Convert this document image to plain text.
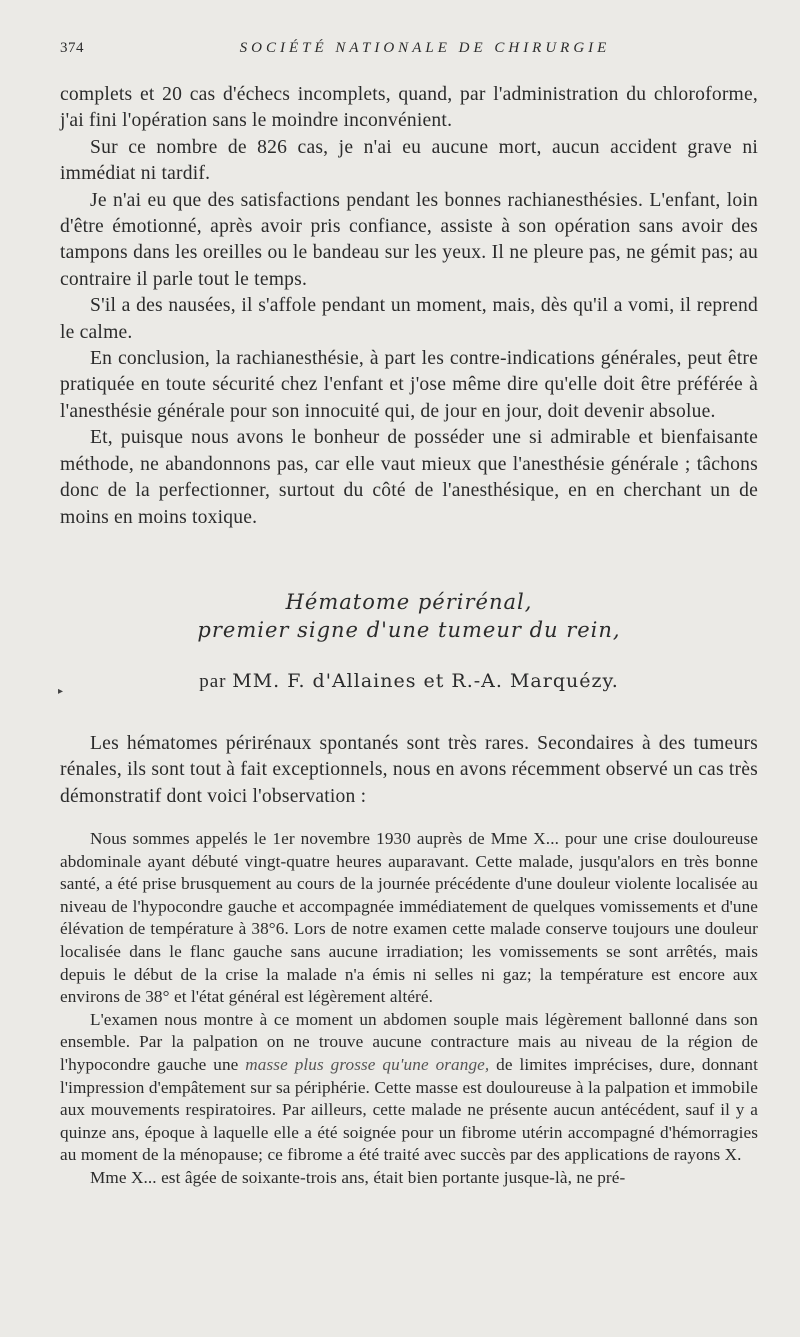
374	SOCIÉTÉ NATIONALE DE CHIRURGIE

complets et 20 cas d'échecs incomplets, quand, par l'administration du chloroforme, j'ai fini l'opération sans le moindre inconvénient.

Sur ce nombre de 826 cas, je n'ai eu aucune mort, aucun accident grave ni immédiat ni tardif.

Je n'ai eu que des satisfactions pendant les bonnes rachianesthésies. L'enfant, loin d'être émotionné, après avoir pris confiance, assiste à son opération sans avoir des tampons dans les oreilles ou le bandeau sur les yeux. Il ne pleure pas, ne gémit pas; au contraire il parle tout le temps.

S'il a des nausées, il s'affole pendant un moment, mais, dès qu'il a vomi, il reprend le calme.

En conclusion, la rachianesthésie, à part les contre-indications générales, peut être pratiquée en toute sécurité chez l'enfant et j'ose même dire qu'elle doit être préférée à l'anesthésie générale pour son innocuité qui, de jour en jour, doit devenir absolue.

Et, puisque nous avons le bonheur de posséder une si admirable et bienfaisante méthode, ne abandonnons pas, car elle vaut mieux que l'anesthésie générale ; tâchons donc de la perfectionner, surtout du côté de l'anesthésique, en en cherchant un de moins en moins toxique.

Hématome périrénal,
premier signe d'une tumeur du rein,
par MM. F. d'Allaines et R.-A. Marquézy.
▸

Les hématomes périrénaux spontanés sont très rares. Secondaires à des tumeurs rénales, ils sont tout à fait exceptionnels, nous en avons récemment observé un cas très démonstratif dont voici l'observation :

Nous sommes appelés le 1er novembre 1930 auprès de Mme X... pour une crise douloureuse abdominale ayant débuté vingt-quatre heures auparavant. Cette malade, jusqu'alors en très bonne santé, a été prise brusquement au cours de la journée précédente d'une douleur violente localisée au niveau de l'hypocondre gauche et accompagnée immédiatement de quelques vomissements et d'une élévation de température à 38°6. Lors de notre examen cette malade conserve toujours une douleur localisée dans le flanc gauche sans aucune irradiation; les vomissements se sont arrêtés, mais depuis le début de la crise la malade n'a émis ni selles ni gaz; la température est encore aux environs de 38° et l'état général est légèrement altéré.

L'examen nous montre à ce moment un abdomen souple mais légèrement ballonné dans son ensemble. Par la palpation on ne trouve aucune contracture mais au niveau de la région de l'hypocondre gauche une masse plus grosse qu'une orange, de limites imprécises, dure, donnant l'impression d'empâtement sur sa périphérie. Cette masse est douloureuse à la palpation et immobile aux mouvements respiratoires. Par ailleurs, cette malade ne présente aucun antécédent, sauf il y a quinze ans, époque à laquelle elle a été soignée pour un fibrome utérin accompagné d'hémorragies au moment de la ménopause; ce fibrome a été traité avec succès par des applications de rayons X.

Mme X... est âgée de soixante-trois ans, était bien portante jusque-là, ne pré-
